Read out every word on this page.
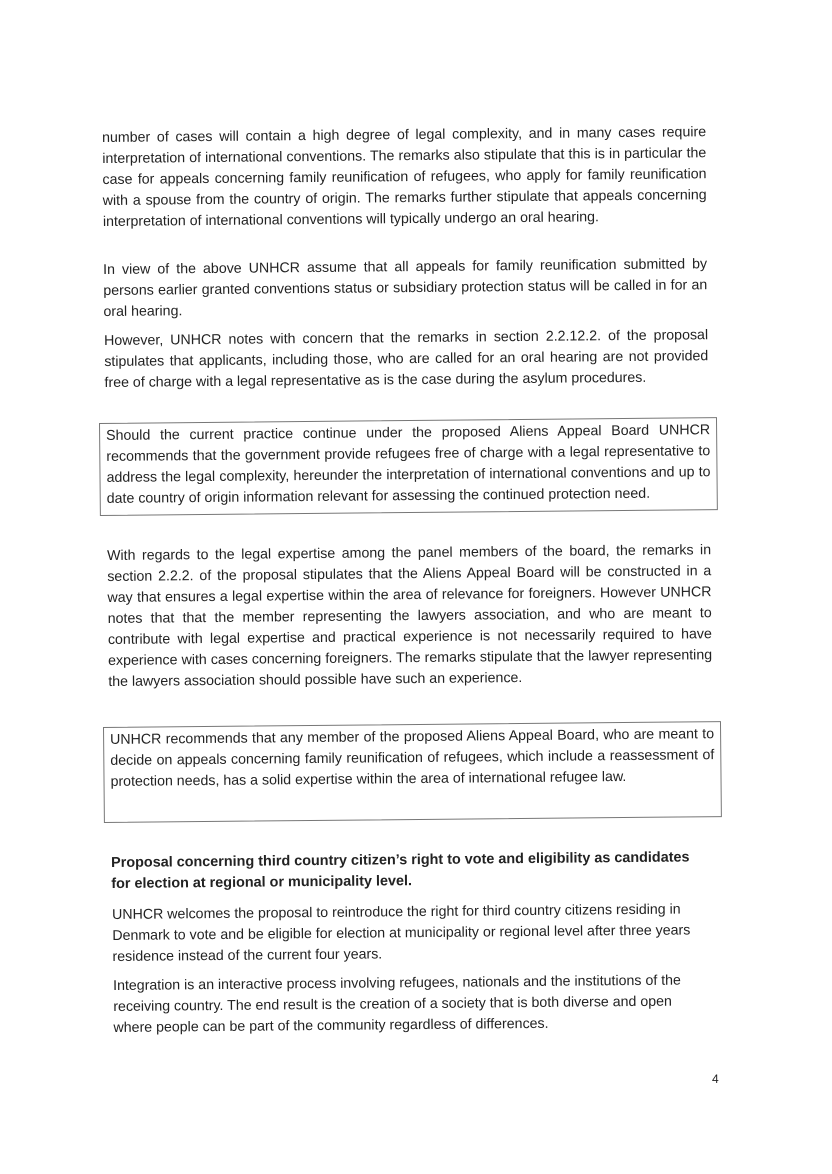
number of cases will contain a high degree of legal complexity, and in many cases require interpretation of international conventions. The remarks also stipulate that this is in particular the case for appeals concerning family reunification of refugees, who apply for family reunification with a spouse from the country of origin. The remarks further stipulate that appeals concerning interpretation of international conventions will typically undergo an oral hearing.

In view of the above UNHCR assume that all appeals for family reunification submitted by persons earlier granted conventions status or subsidiary protection status will be called in for an oral hearing.

However, UNHCR notes with concern that the remarks in section 2.2.12.2. of the proposal stipulates that applicants, including those, who are called for an oral hearing are not provided free of charge with a legal representative as is the case during the asylum procedures.

Should the current practice continue under the proposed Aliens Appeal Board UNHCR recommends that the government provide refugees free of charge with a legal representative to address the legal complexity, hereunder the interpretation of international conventions and up to date country of origin information relevant for assessing the continued protection need.

With regards to the legal expertise among the panel members of the board, the remarks in section 2.2.2. of the proposal stipulates that the Aliens Appeal Board will be constructed in a way that ensures a legal expertise within the area of relevance for foreigners. However UNHCR notes that that the member representing the lawyers association, and who are meant to contribute with legal expertise and practical experience is not necessarily required to have experience with cases concerning foreigners. The remarks stipulate that the lawyer representing the lawyers association should possible have such an experience.

UNHCR recommends that any member of the proposed Aliens Appeal Board, who are meant to decide on appeals concerning family reunification of refugees, which include a reassessment of protection needs, has a solid expertise within the area of international refugee law.

Proposal concerning third country citizen’s right to vote and eligibility as candidates for election at regional or municipality level.

UNHCR welcomes the proposal to reintroduce the right for third country citizens residing in Denmark to vote and be eligible for election at municipality or regional level after three years residence instead of the current four years.

Integration is an interactive process involving refugees, nationals and the institutions of the receiving country. The end result is the creation of a society that is both diverse and open where people can be part of the community regardless of differences.

4
